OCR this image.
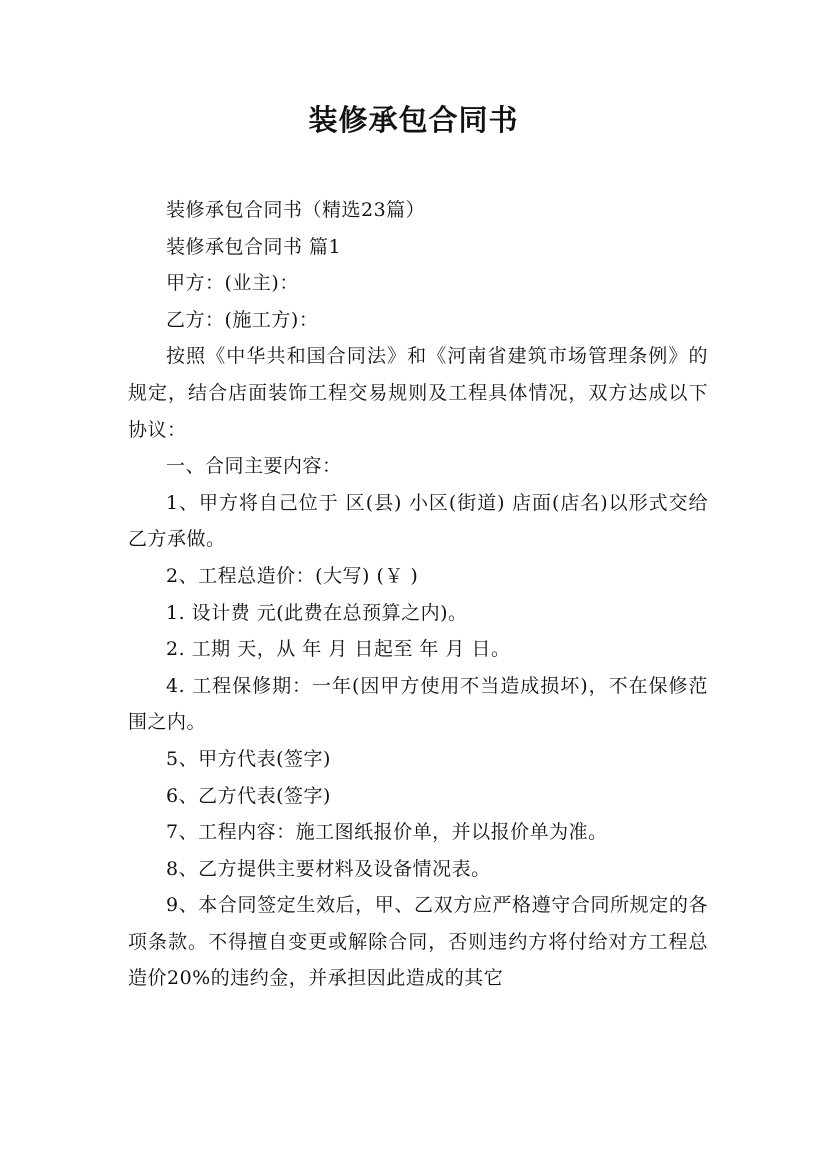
装修承包合同书

装修承包合同书（精选23篇）

装修承包合同书 篇1

甲方：(业主)：

乙方：(施工方)：

按照《中华共和国合同法》和《河南省建筑市场管理条例》的规定，结合店面装饰工程交易规则及工程具体情况，双方达成以下协议：

一、合同主要内容：

1、甲方将自己位于 区(县) 小区(街道) 店面(店名)以形式交给乙方承做。

2、工程总造价：(大写) (￥ )

1. 设计费 元(此费在总预算之内)。

2. 工期 天，从 年 月 日起至 年 月 日。

4. 工程保修期：一年(因甲方使用不当造成损坏)，不在保修范围之内。

5、甲方代表(签字)

6、乙方代表(签字)

7、工程内容：施工图纸报价单，并以报价单为准。

8、乙方提供主要材料及设备情况表。

9、本合同签定生效后，甲、乙双方应严格遵守合同所规定的各项条款。不得擅自变更或解除合同，否则违约方将付给对方工程总造价20%的违约金，并承担因此造成的其它
